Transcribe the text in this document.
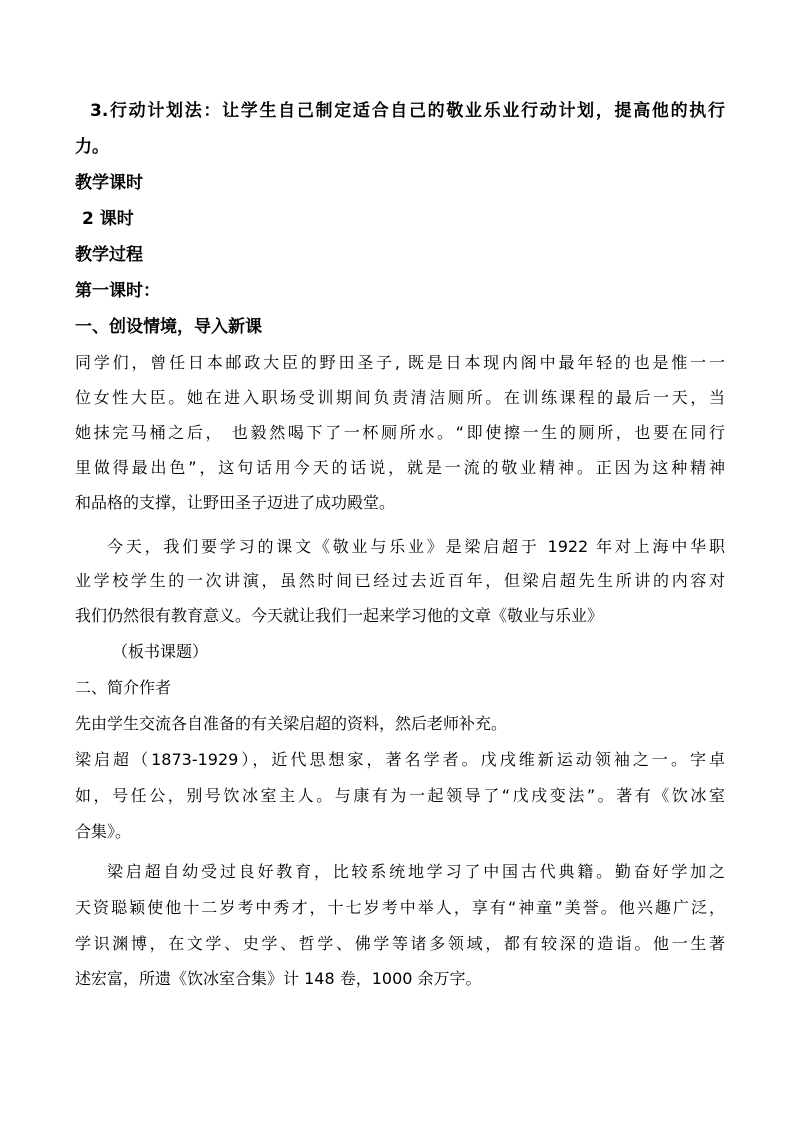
3.行动计划法：让学生自己制定适合自己的敬业乐业行动计划，提高他的执行
力。
教学课时
2 课时
教学过程
第一课时：
一、创设情境，导入新课
同学们，曾任日本邮政大臣的野田圣子, 既是日本现内阁中最年轻的也是惟一一
位女性大臣。她在进入职场受训期间负责清洁厕所。在训练课程的最后一天，当
她抹完马桶之后， 也毅然喝下了一杯厕所水。“即使擦一生的厕所，也要在同行
里做得最出色”，这句话用今天的话说，就是一流的敬业精神。正因为这种精神
和品格的支撑，让野田圣子迈进了成功殿堂。
今天，我们要学习的课文《敬业与乐业》是梁启超于 1922 年对上海中华职
业学校学生的一次讲演，虽然时间已经过去近百年，但梁启超先生所讲的内容对
我们仍然很有教育意义。今天就让我们一起来学习他的文章《敬业与乐业》
（板书课题）
二、简介作者
先由学生交流各自准备的有关梁启超的资料，然后老师补充。
梁启超（1873-1929），近代思想家，著名学者。戊戌维新运动领袖之一。字卓
如，号任公，别号饮冰室主人。与康有为一起领导了“戊戌变法”。著有《饮冰室
合集》。
梁启超自幼受过良好教育，比较系统地学习了中国古代典籍。勤奋好学加之
天资聪颖使他十二岁考中秀才，十七岁考中举人，享有“神童”美誉。他兴趣广泛，
学识渊博，在文学、史学、哲学、佛学等诸多领域，都有较深的造诣。他一生著
述宏富，所遗《饮冰室合集》计 148 卷，1000 余万字。
